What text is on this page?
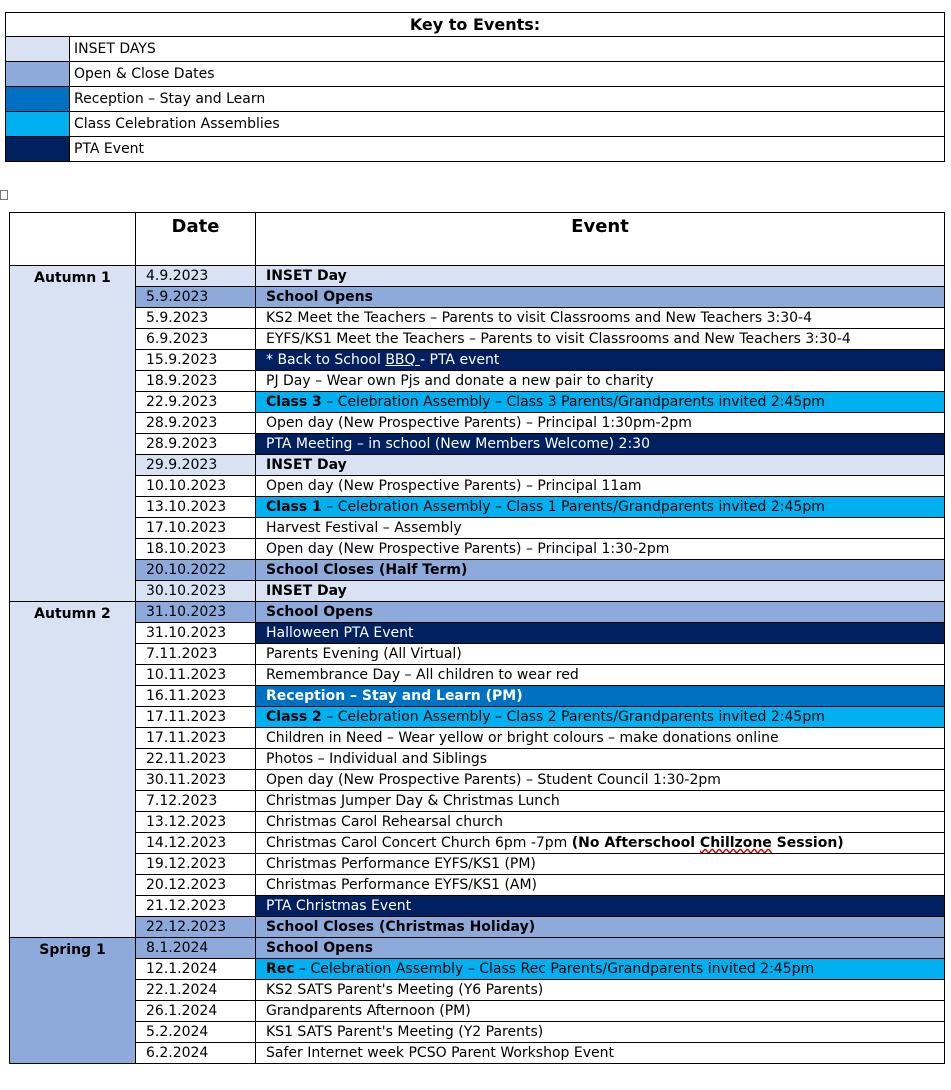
Key to Events:	
	INSET DAYS
	Open & Close Dates
	Reception – Stay and Learn
	Class Celebration Assemblies
	PTA Event
	Date	Event
Autumn 1	4.9.2023	INSET Day
	5.9.2023	School Opens
	5.9.2023	KS2 Meet the Teachers – Parents to visit Classrooms and New Teachers 3:30-4
	6.9.2023	EYFS/KS1 Meet the Teachers – Parents to visit Classrooms and New Teachers 3:30-4
	15.9.2023	* Back to School BBQ - PTA event
	18.9.2023	PJ Day – Wear own Pjs and donate a new pair to charity
	22.9.2023	Class 3 – Celebration Assembly – Class 3 Parents/Grandparents invited 2:45pm
	28.9.2023	Open day (New Prospective Parents) – Principal 1:30pm-2pm
	28.9.2023	PTA Meeting – in school (New Members Welcome) 2:30
	29.9.2023	INSET Day
	10.10.2023	Open day (New Prospective Parents) – Principal 11am
	13.10.2023	Class 1 – Celebration Assembly – Class 1 Parents/Grandparents invited 2:45pm
	17.10.2023	Harvest Festival – Assembly
	18.10.2023	Open day (New Prospective Parents) – Principal 1:30-2pm
	20.10.2022	School Closes (Half Term)
	30.10.2023	INSET Day
Autumn 2	31.10.2023	School Opens
	31.10.2023	Halloween PTA Event
	7.11.2023	Parents Evening (All Virtual)
	10.11.2023	Remembrance Day – All children to wear red
	16.11.2023	Reception – Stay and Learn (PM)
	17.11.2023	Class 2 – Celebration Assembly – Class 2 Parents/Grandparents invited 2:45pm
	17.11.2023	Children in Need – Wear yellow or bright colours – make donations online
	22.11.2023	Photos – Individual and Siblings
	30.11.2023	Open day (New Prospective Parents) – Student Council 1:30-2pm
	7.12.2023	Christmas Jumper Day & Christmas Lunch
	13.12.2023	Christmas Carol Rehearsal church
	14.12.2023	Christmas Carol Concert Church 6pm -7pm (No Afterschool Chillzone Session)
	19.12.2023	Christmas Performance EYFS/KS1 (PM)
	20.12.2023	Christmas Performance EYFS/KS1 (AM)
	21.12.2023	PTA Christmas Event
	22.12.2023	School Closes (Christmas Holiday)
Spring 1	8.1.2024	School Opens
	12.1.2024	Rec – Celebration Assembly – Class Rec Parents/Grandparents invited 2:45pm
	22.1.2024	KS2 SATS Parent's Meeting (Y6 Parents)
	26.1.2024	Grandparents Afternoon (PM)
	5.2.2024	KS1 SATS Parent's Meeting (Y2 Parents)
	6.2.2024	Safer Internet week PCSO Parent Workshop Event
